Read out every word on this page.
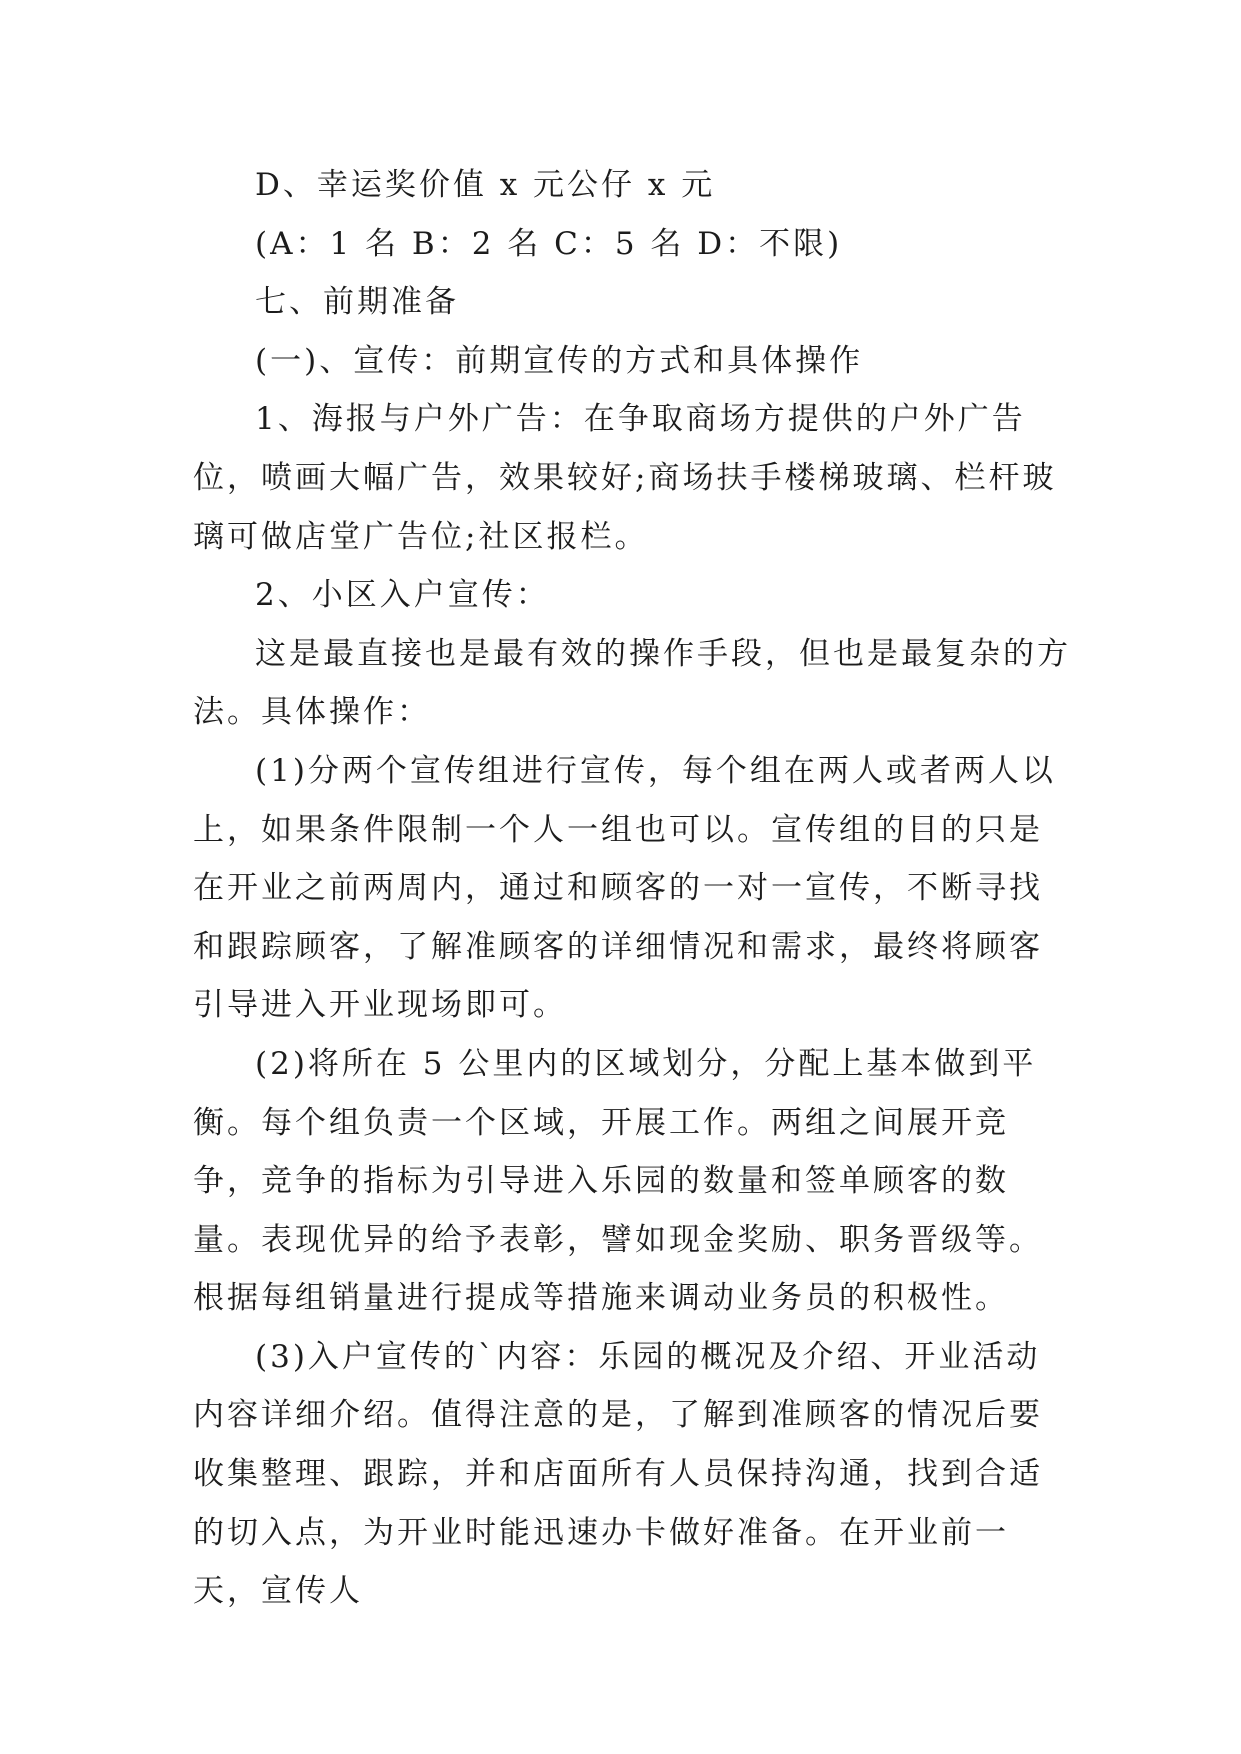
D、幸运奖价值 x 元公仔 x 元

(A：1 名 B：2 名 C：5 名 D：不限)

七、前期准备

(一)、宣传：前期宣传的方式和具体操作

1、海报与户外广告：在争取商场方提供的户外广告位，喷画大幅广告，效果较好;商场扶手楼梯玻璃、栏杆玻璃可做店堂广告位;社区报栏。

2、小区入户宣传：

这是最直接也是最有效的操作手段，但也是最复杂的方法。具体操作：

(1)分两个宣传组进行宣传，每个组在两人或者两人以上，如果条件限制一个人一组也可以。宣传组的目的只是在开业之前两周内，通过和顾客的一对一宣传，不断寻找和跟踪顾客，了解准顾客的详细情况和需求，最终将顾客引导进入开业现场即可。

(2)将所在 5 公里内的区域划分，分配上基本做到平衡。每个组负责一个区域，开展工作。两组之间展开竞争，竞争的指标为引导进入乐园的数量和签单顾客的数量。表现优异的给予表彰，譬如现金奖励、职务晋级等。根据每组销量进行提成等措施来调动业务员的积极性。

(3)入户宣传的`内容：乐园的概况及介绍、开业活动内容详细介绍。值得注意的是，了解到准顾客的情况后要收集整理、跟踪，并和店面所有人员保持沟通，找到合适的切入点，为开业时能迅速办卡做好准备。在开业前一天，宣传人
